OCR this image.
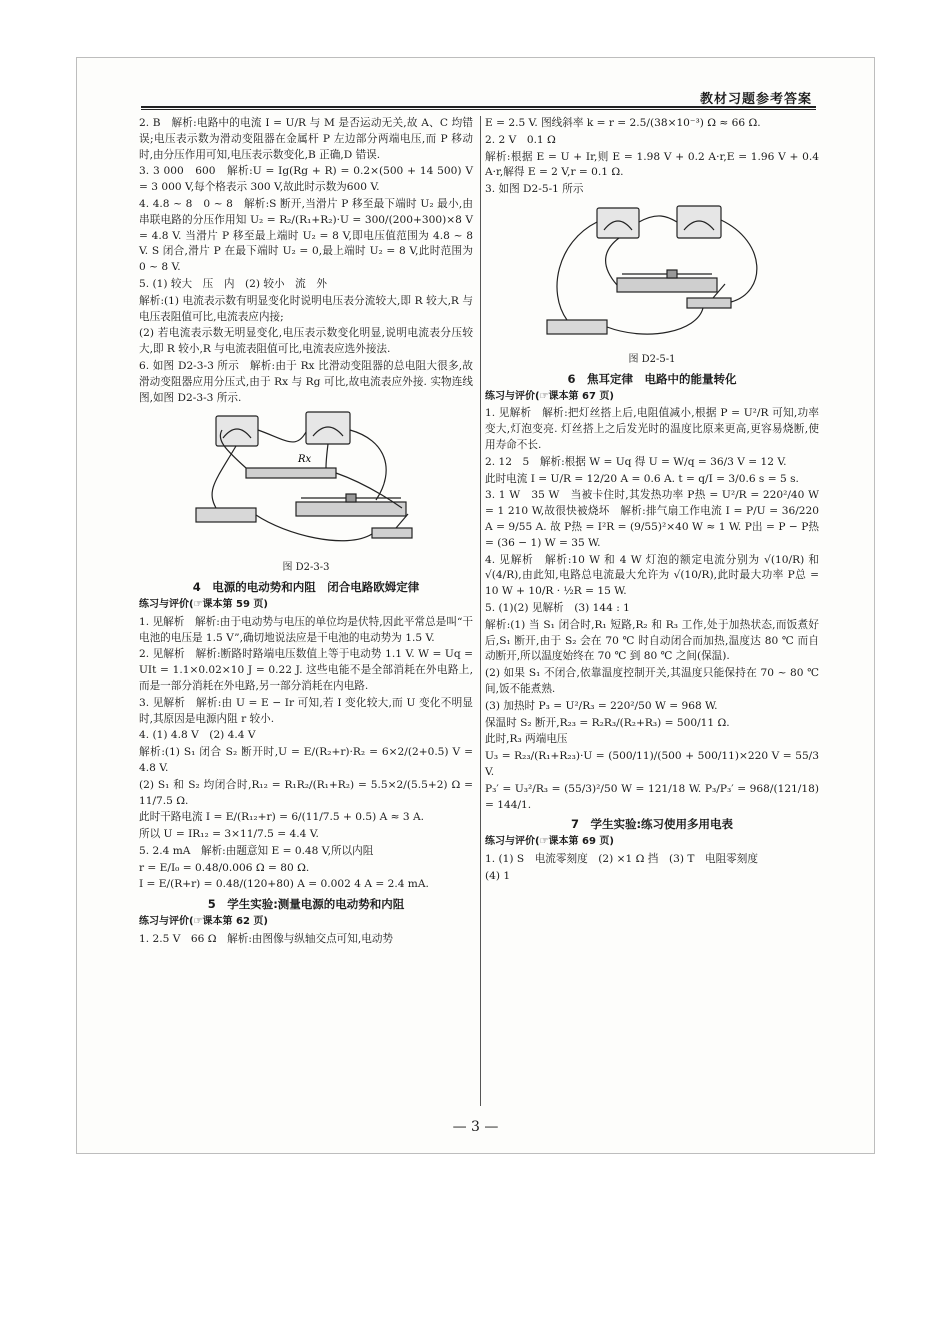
教材习题参考答案

2. B　解析:电路中的电流 I = U/R 与 M 是否运动无关,故 A、C 均错误;电压表示数为滑动变阻器在金属杆 P 左边部分两端电压,而 P 移动时,由分压作用可知,电压表示数变化,B 正确,D 错误.

3. 3 000　600　解析:U = Ig(Rg + R) = 0.2×(500 + 14 500) V = 3 000 V,每个格表示 300 V,故此时示数为600 V.

4. 4.8 ~ 8　0 ~ 8　解析:S 断开,当滑片 P 移至最下端时 U₂ 最小,由串联电路的分压作用知 U₂ = R₂/(R₁+R₂)·U = 300/(200+300)×8 V = 4.8 V. 当滑片 P 移至最上端时 U₂ = 8 V,即电压值范围为 4.8 ~ 8 V. S 闭合,滑片 P 在最下端时 U₂ = 0,最上端时 U₂ = 8 V,此时范围为 0 ~ 8 V.

5. (1) 较大　压　内　(2) 较小　流　外

解析:(1) 电流表示数有明显变化时说明电压表分流较大,即 R 较大,R 与电压表阻值可比,电流表应内接;

(2) 若电流表示数无明显变化,电压表示数变化明显,说明电流表分压较大,即 R 较小,R 与电流表阻值可比,电流表应选外接法.

6. 如图 D2-3-3 所示　解析:由于 Rx 比滑动变阻器的总电阻大很多,故滑动变阻器应用分压式,由于 Rx 与 Rg 可比,故电流表应外接. 实物连线图,如图 D2-3-3 所示.

Rx

图 D2-3-3

4　电源的电动势和内阻　闭合电路欧姆定律

练习与评价(☞课本第 59 页)

1. 见解析　解析:由于电动势与电压的单位均是伏特,因此平常总是叫“干电池的电压是 1.5 V”,确切地说法应是干电池的电动势为 1.5 V.

2. 见解析　解析:断路时路端电压数值上等于电动势 1.1 V. W = Uq = UIt = 1.1×0.02×10 J = 0.22 J. 这些电能不是全部消耗在外电路上,而是一部分消耗在外电路,另一部分消耗在内电路.

3. 见解析　解析:由 U = E − Ir 可知,若 I 变化较大,而 U 变化不明显时,其原因是电源内阻 r 较小.

4. (1) 4.8 V　(2) 4.4 V

解析:(1) S₁ 闭合 S₂ 断开时,U = E/(R₂+r)·R₂ = 6×2/(2+0.5) V = 4.8 V.

(2) S₁ 和 S₂ 均闭合时,R₁₂ = R₁R₂/(R₁+R₂) = 5.5×2/(5.5+2) Ω = 11/7.5 Ω.

此时干路电流 I = E/(R₁₂+r) = 6/(11/7.5 + 0.5) A ≈ 3 A.

所以 U = IR₁₂ = 3×11/7.5 = 4.4 V.

5. 2.4 mA　解析:由题意知 E = 0.48 V,所以内阻

r = E/I₀ = 0.48/0.006 Ω = 80 Ω.

I = E/(R+r) = 0.48/(120+80) A = 0.002 4 A = 2.4 mA.

5　学生实验:测量电源的电动势和内阻

练习与评价(☞课本第 62 页)

1. 2.5 V　66 Ω　解析:由图像与纵轴交点可知,电动势

E = 2.5 V. 图线斜率 k = r = 2.5/(38×10⁻³) Ω ≈ 66 Ω.

2. 2 V　0.1 Ω

解析:根据 E = U + Ir,则 E = 1.98 V + 0.2 A·r,E = 1.96 V + 0.4 A·r,解得 E = 2 V,r = 0.1 Ω.

3. 如图 D2-5-1 所示

图 D2-5-1

6　焦耳定律　电路中的能量转化

练习与评价(☞课本第 67 页)

1. 见解析　解析:把灯丝搭上后,电阻值减小,根据 P = U²/R 可知,功率变大,灯泡变亮. 灯丝搭上之后发光时的温度比原来更高,更容易烧断,使用寿命不长.

2. 12　5　解析:根据 W = Uq 得 U = W/q = 36/3 V = 12 V.

此时电流 I = U/R = 12/20 A = 0.6 A. t = q/I = 3/0.6 s = 5 s.

3. 1 W　35 W　当被卡住时,其发热功率 P热 = U²/R = 220²/40 W = 1 210 W,故很快被烧坏　解析:排气扇工作电流 I = P/U = 36/220 A = 9/55 A. 故 P热 = I²R = (9/55)²×40 W ≈ 1 W. P出 = P − P热 = (36 − 1) W = 35 W.

4. 见解析　解析:10 W 和 4 W 灯泡的额定电流分别为 √(10/R) 和 √(4/R),由此知,电路总电流最大允许为 √(10/R),此时最大功率 P总 = 10 W + 10/R · ½R = 15 W.

5. (1)(2) 见解析　(3) 144 : 1

解析:(1) 当 S₁ 闭合时,R₁ 短路,R₂ 和 R₃ 工作,处于加热状态,而饭煮好后,S₁ 断开,由于 S₂ 会在 70 ℃ 时自动闭合而加热,温度达 80 ℃ 而自动断开,所以温度始终在 70 ℃ 到 80 ℃ 之间(保温).

(2) 如果 S₁ 不闭合,依靠温度控制开关,其温度只能保持在 70 ~ 80 ℃ 间,饭不能煮熟.

(3) 加热时 P₃ = U²/R₃ = 220²/50 W = 968 W.

保温时 S₂ 断开,R₂₃ = R₂R₃/(R₂+R₃) = 500/11 Ω.

此时,R₃ 两端电压

U₃ = R₂₃/(R₁+R₂₃)·U = (500/11)/(500 + 500/11)×220 V = 55/3 V.

P₃′ = U₃²/R₃ = (55/3)²/50 W = 121/18 W. P₃/P₃′ = 968/(121/18) = 144/1.

7　学生实验:练习使用多用电表

练习与评价(☞课本第 69 页)

1. (1) S　电流零刻度　(2) ×1 Ω 挡　(3) T　电阻零刻度

(4) 1

— 3 —
